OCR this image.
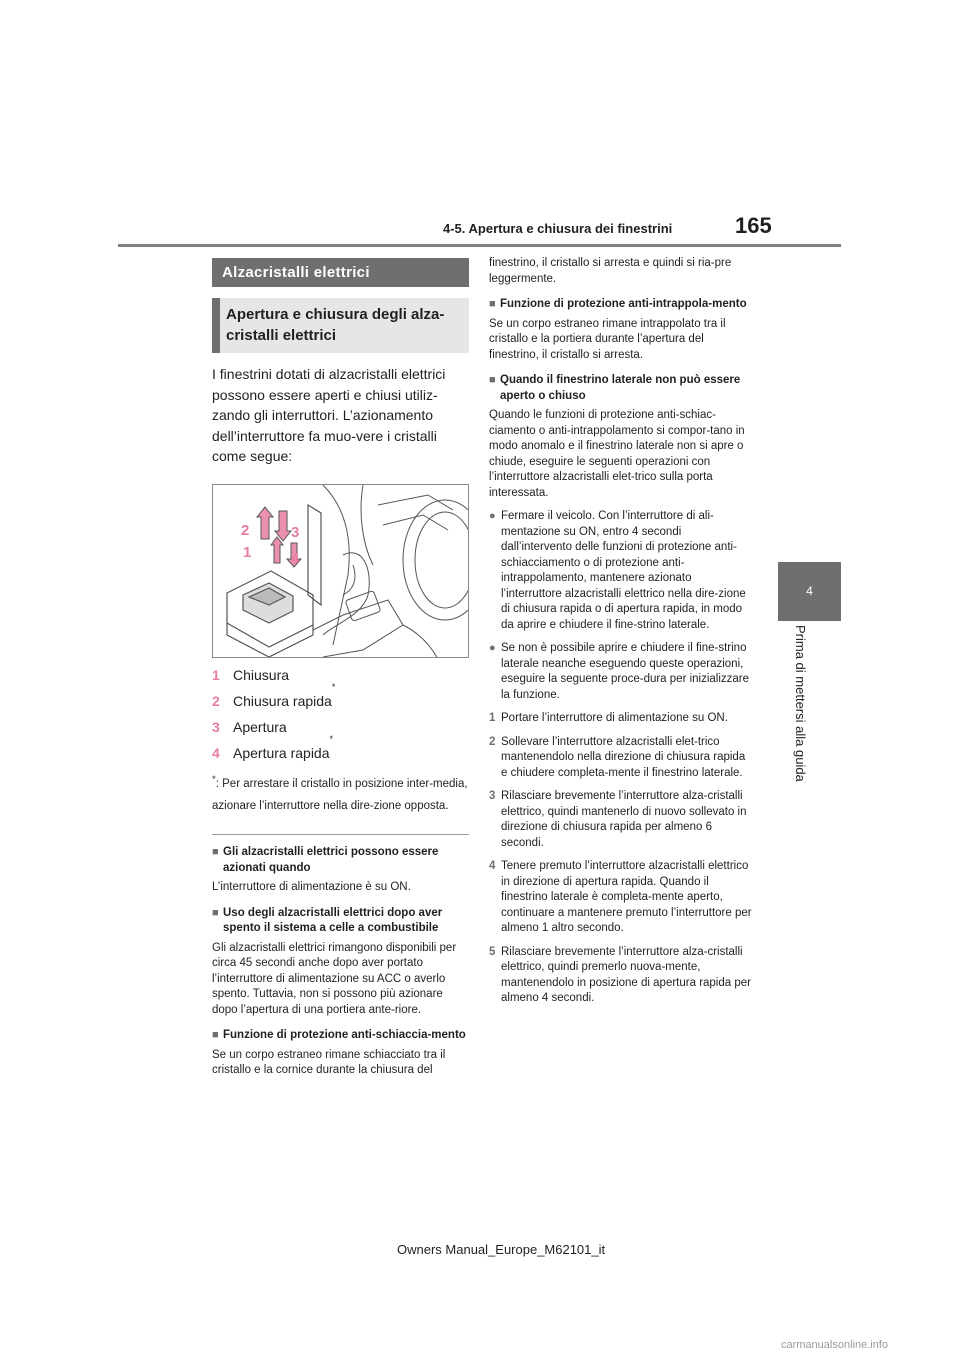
4-5. Apertura e chiusura dei finestrini	165
4
Prima di mettersi alla guida
Alzacristalli elettrici
Apertura e chiusura degli alza-cristalli elettrici
I finestrini dotati di alzacristalli elettrici possono essere aperti e chiusi utiliz-zando gli interruttori. L’azionamento dell’interruttore fa muo-vere i cristalli come segue:
2	3
1	4
1 Chiusura
2 Chiusura rapida
*
3 Apertura
4 Apertura rapida
*
*: Per arrestare il cristallo in posizione inter-media, azionare l’interruttore nella dire-zione opposta.
■ Gli alzacristalli elettrici possono essere azionati quando
L’interruttore di alimentazione è su ON.
■ Uso degli alzacristalli elettrici dopo aver spento il sistema a celle a combustibile
Gli alzacristalli elettrici rimangono disponibili per circa 45 secondi anche dopo aver portato l’interruttore di alimentazione su ACC o averlo spento. Tuttavia, non si possono più azionare dopo l’apertura di una portiera ante-riore.
■ Funzione di protezione anti-schiaccia-mento
Se un corpo estraneo rimane schiacciato tra il cristallo e la cornice durante la chiusura del
finestrino, il cristallo si arresta e quindi si ria-pre leggermente.
■ Funzione di protezione anti-intrappola-mento
Se un corpo estraneo rimane intrappolato tra il cristallo e la portiera durante l’apertura del finestrino, il cristallo si arresta.
■ Quando il finestrino laterale non può essere aperto o chiuso
Quando le funzioni di protezione anti-schiac-ciamento o anti-intrappolamento si compor-tano in modo anomalo e il finestrino laterale non si apre o chiude, eseguire le seguenti operazioni con l’interruttore alzacristalli elet-trico sulla porta interessata.
● Fermare il veicolo. Con l’interruttore di ali-mentazione su ON, entro 4 secondi dall’intervento delle funzioni di protezione anti-schiacciamento o di protezione anti-intrappolamento, mantenere azionato l’interruttore alzacristalli elettrico nella dire-zione di chiusura rapida o di apertura rapida, in modo da aprire e chiudere il fine-strino laterale.
● Se non è possibile aprire e chiudere il fine-strino laterale neanche eseguendo queste operazioni, eseguire la seguente proce-dura per inizializzare la funzione.
1 Portare l’interruttore di alimentazione su ON.
2 Sollevare l’interruttore alzacristalli elet-trico mantenendolo nella direzione di chiusura rapida e chiudere completa-mente il finestrino laterale.
3 Rilasciare brevemente l’interruttore alza-cristalli elettrico, quindi mantenerlo di nuovo sollevato in direzione di chiusura rapida per almeno 6 secondi.
4 Tenere premuto l’interruttore alzacristalli elettrico in direzione di apertura rapida. Quando il finestrino laterale è completa-mente aperto, continuare a mantenere premuto l’interruttore per almeno 1 altro secondo.
5 Rilasciare brevemente l’interruttore alza-cristalli elettrico, quindi premerlo nuova-mente, mantenendolo in posizione di apertura rapida per almeno 4 secondi.
Owners Manual_Europe_M62101_it
carmanualsonline.info
